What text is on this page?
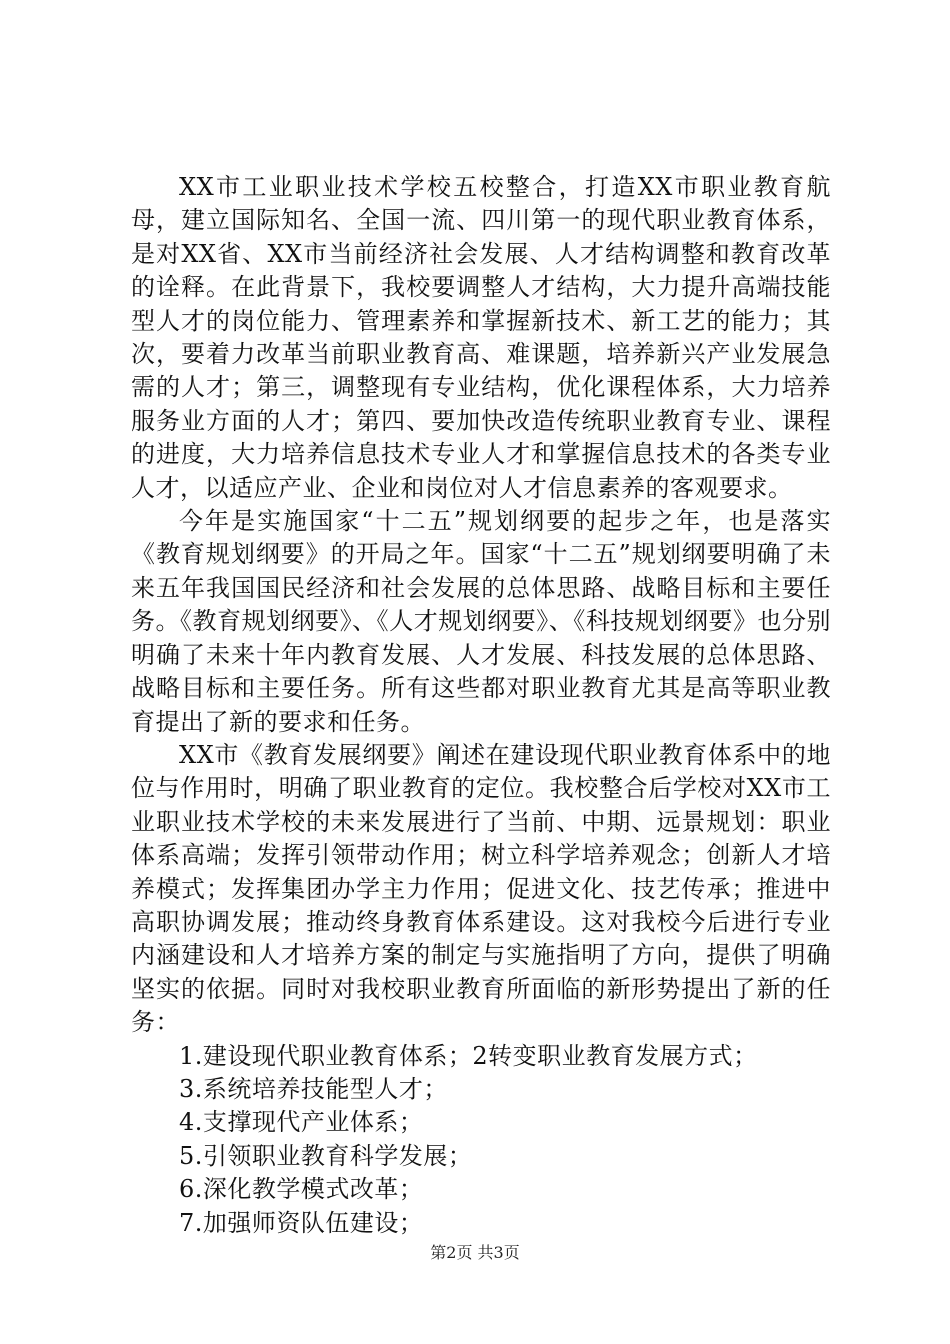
XX市工业职业技术学校五校整合，打造XX市职业教育航母，建立国际知名、全国一流、四川第一的现代职业教育体系，是对XX省、XX市当前经济社会发展、人才结构调整和教育改革的诠释。在此背景下，我校要调整人才结构，大力提升高端技能型人才的岗位能力、管理素养和掌握新技术、新工艺的能力；其次，要着力改革当前职业教育高、难课题，培养新兴产业发展急需的人才；第三，调整现有专业结构，优化课程体系，大力培养服务业方面的人才；第四、要加快改造传统职业教育专业、课程的进度，大力培养信息技术专业人才和掌握信息技术的各类专业人才，以适应产业、企业和岗位对人才信息素养的客观要求。

今年是实施国家“十二五”规划纲要的起步之年，也是落实《教育规划纲要》的开局之年。国家“十二五”规划纲要明确了未来五年我国国民经济和社会发展的总体思路、战略目标和主要任务。《教育规划纲要》、《人才规划纲要》、《科技规划纲要》也分别明确了未来十年内教育发展、人才发展、科技发展的总体思路、战略目标和主要任务。所有这些都对职业教育尤其是高等职业教育提出了新的要求和任务。

XX市《教育发展纲要》阐述在建设现代职业教育体系中的地位与作用时，明确了职业教育的定位。我校整合后学校对XX市工业职业技术学校的未来发展进行了当前、中期、远景规划：职业体系高端；发挥引领带动作用；树立科学培养观念；创新人才培养模式；发挥集团办学主力作用；促进文化、技艺传承；推进中高职协调发展；推动终身教育体系建设。这对我校今后进行专业内涵建设和人才培养方案的制定与实施指明了方向，提供了明确坚实的依据。同时对我校职业教育所面临的新形势提出了新的任务：

1.建设现代职业教育体系；2转变职业教育发展方式；
3.系统培养技能型人才；
4.支撑现代产业体系；
5.引领职业教育科学发展；
6.深化教学模式改革；
7.加强师资队伍建设；
第2页 共3页
